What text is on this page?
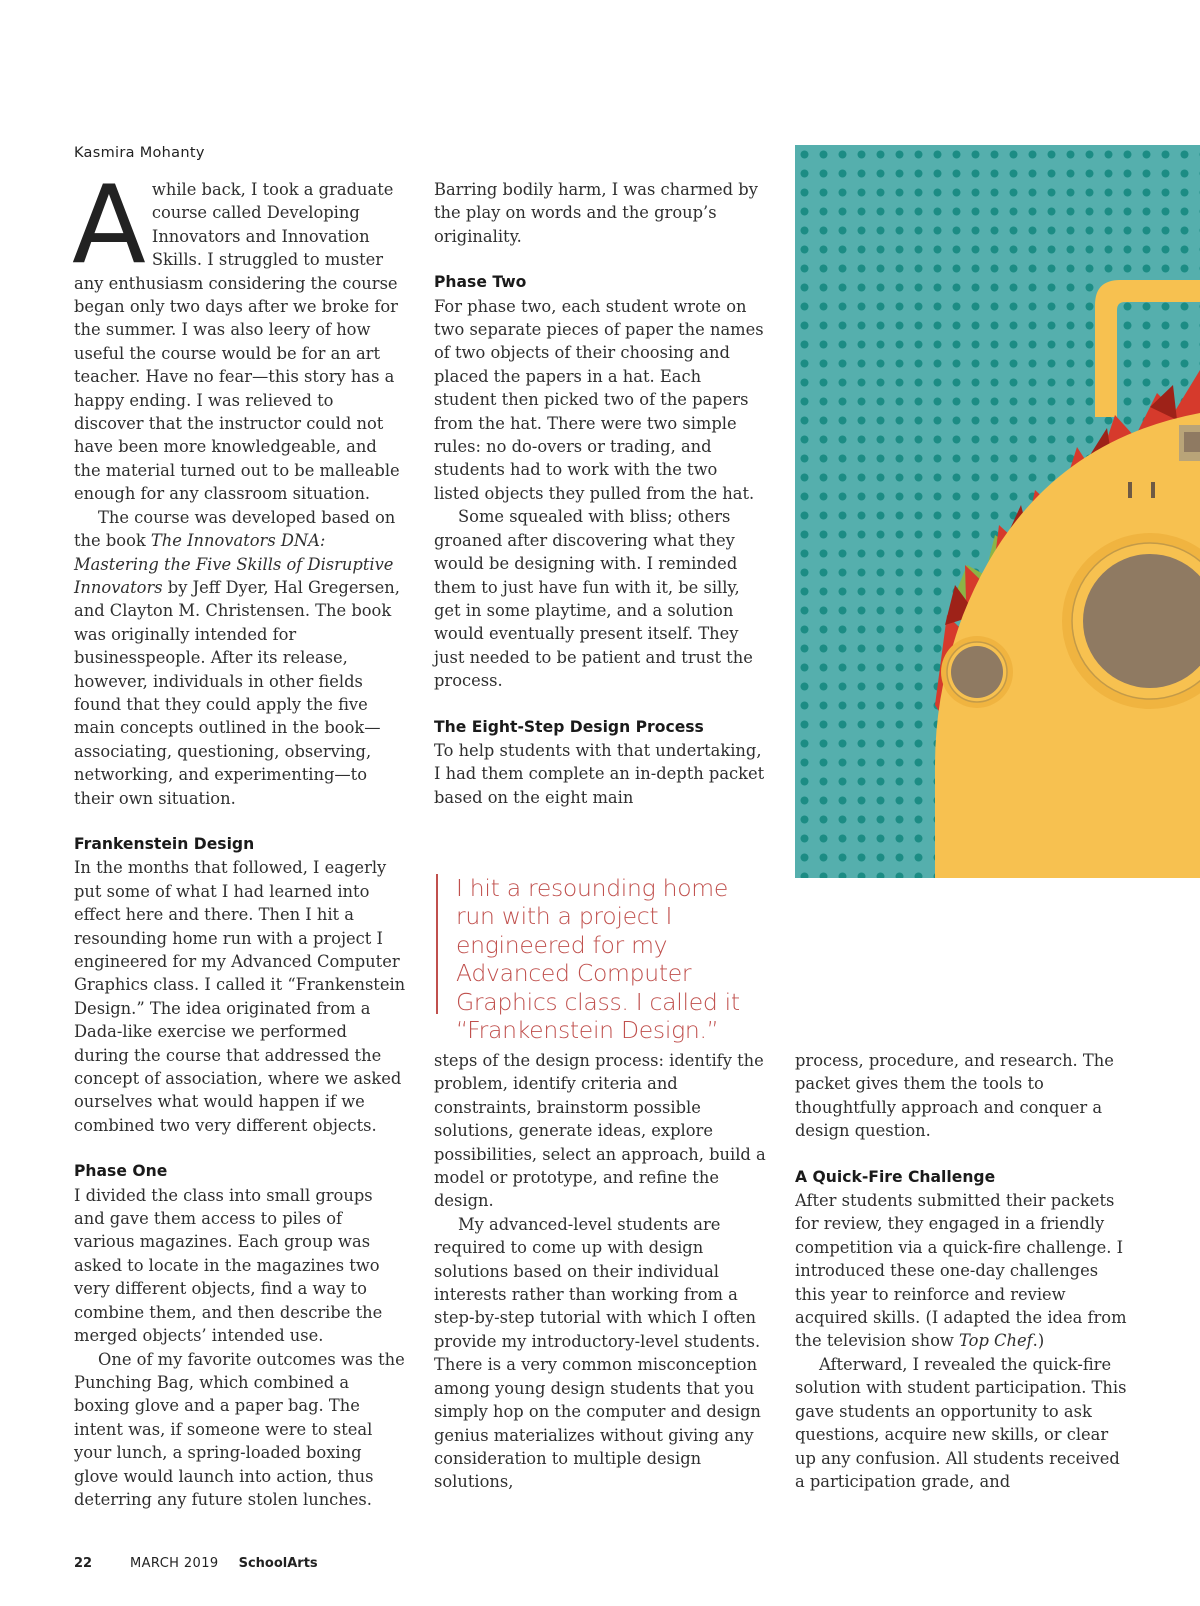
Kasmira Mohanty

Awhile back, I took a graduate course called Developing Innovators and Innovation Skills. I struggled to muster any enthusiasm considering the course began only two days after we broke for the summer. I was also leery of how useful the course would be for an art teacher. Have no fear—this story has a happy ending. I was relieved to discover that the instructor could not have been more knowledgeable, and the material turned out to be malleable enough for any classroom situation.

The course was developed based on the book The Innovators DNA: Mastering the Five Skills of Disruptive Innovators by Jeff Dyer, Hal Gregersen, and Clayton M. Christensen. The book was originally intended for businesspeople. After its release, however, individuals in other fields found that they could apply the five main concepts outlined in the book—associating, questioning, observing, networking, and experimenting—to their own situation.

Frankenstein Design

In the months that followed, I eagerly put some of what I had learned into effect here and there. Then I hit a resounding home run with a project I engineered for my Advanced Computer Graphics class. I called it “Frankenstein Design.” The idea originated from a Dada-like exercise we performed during the course that addressed the concept of association, where we asked ourselves what would happen if we combined two very different objects.

Phase One

I divided the class into small groups and gave them access to piles of various magazines. Each group was asked to locate in the magazines two very different objects, find a way to combine them, and then describe the merged objects’ intended use.

One of my favorite outcomes was the Punching Bag, which combined a boxing glove and a paper bag. The intent was, if someone were to steal your lunch, a spring-loaded boxing glove would launch into action, thus deterring any future stolen lunches.

Barring bodily harm, I was charmed by the play on words and the group’s originality.

Phase Two

For phase two, each student wrote on two separate pieces of paper the names of two objects of their choosing and placed the papers in a hat. Each student then picked two of the papers from the hat. There were two simple rules: no do-overs or trading, and students had to work with the two listed objects they pulled from the hat.

Some squealed with bliss; others groaned after discovering what they would be designing with. I reminded them to just have fun with it, be silly, get in some playtime, and a solution would eventually present itself. They just needed to be patient and trust the process.

The Eight-Step Design Process

To help students with that undertaking, I had them complete an in-depth packet based on the eight main

I hit a resounding home run with a project I engineered for my Advanced Computer Graphics class. I called it “Frankenstein Design.”

steps of the design process: identify the problem, identify criteria and constraints, brainstorm possible solutions, generate ideas, explore possibilities, select an approach, build a model or prototype, and refine the design.

My advanced-level students are required to come up with design solutions based on their individual interests rather than working from a step-by-step tutorial with which I often provide my introductory-level students. There is a very common misconception among young design students that you simply hop on the computer and design genius materializes without giving any consideration to multiple design solutions,

process, procedure, and research. The packet gives them the tools to thoughtfully approach and conquer a design question.

A Quick-Fire Challenge

After students submitted their packets for review, they engaged in a friendly competition via a quick-fire challenge. I introduced these one-day challenges this year to reinforce and review acquired skills. (I adapted the idea from the television show Top Chef.)

Afterward, I revealed the quick-fire solution with student participation. This gave students an opportunity to ask questions, acquire new skills, or clear up any confusion. All students received a participation grade, and

22	MARCH 2019 SchoolArts
